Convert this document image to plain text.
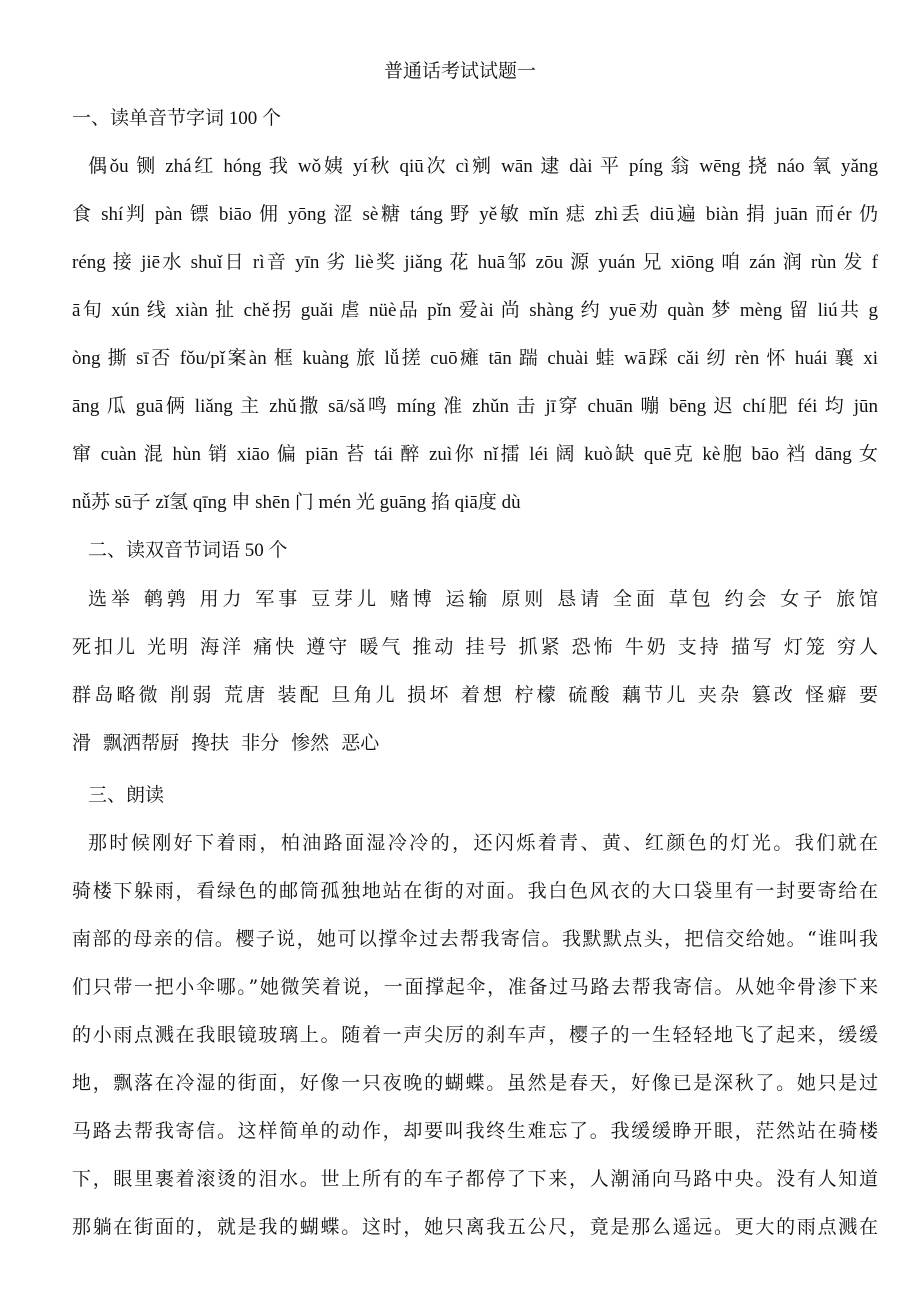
普通话考试试题一
一、读单音节字词 100 个
偶ǒu 铡 zhá红 hóng 我 wǒ姨 yí秋 qiū次 cì剜 wān 逮 dài 平 píng 翁 wēng 挠 náo 氧 yǎng
食 shí判 pàn 镖 biāo 佣 yōng 涩 sè糖 táng 野 yě敏 mǐn 痣 zhì丢 diū遍 biàn 捐 juān 而ér 仍
réng 接 jiē水 shuǐ日 rì音 yīn 劣 liè奖 jiǎng 花 huā邹 zōu 源 yuán 兄 xiōng 咱 zán 润 rùn 发 f
ā旬 xún 线 xiàn 扯 chě拐 guǎi 虐 nüè品 pǐn 爱ài 尚 shàng 约 yuē劝 quàn 梦 mèng 留 liú共 g
òng 撕 sī否 fǒu/pǐ案àn 框 kuàng 旅 lǚ搓 cuō瘫 tān 踹 chuài 蛙 wā踩 cǎi 纫 rèn 怀 huái 襄 xi
āng 瓜 guā俩 liǎng 主 zhǔ撒 sā/sǎ鸣 míng 准 zhǔn 击 jī穿 chuān 嘣 bēng 迟 chí肥 féi 均 jūn
窜 cuàn 混 hùn 销 xiāo 偏 piān 苔 tái 醉 zuì你 nǐ擂 léi 阔 kuò缺 quē克 kè胞 bāo 裆 dāng 女
nǚ苏 sū子 zǐ氢 qīng 申 shēn 门 mén 光 guāng 掐 qiā度 dù
二、读双音节词语 50 个
选举 鹌鹑 用力 军事 豆芽儿 赌博 运输 原则 恳请 全面 草包 约会 女子 旅馆
死扣儿 光明 海洋 痛快 遵守 暖气 推动 挂号 抓紧 恐怖 牛奶 支持 描写 灯笼 穷人
群岛略微 削弱 荒唐 装配 旦角儿 损坏 着想 柠檬 硫酸 藕节儿 夹杂 篡改 怪癖 要
滑 飘洒帮厨 搀扶 非分 惨然 恶心
三、朗读
那时候刚好下着雨，柏油路面湿冷冷的，还闪烁着青、黄、红颜色的灯光。我们就在
骑楼下躲雨，看绿色的邮筒孤独地站在街的对面。我白色风衣的大口袋里有一封要寄给在
南部的母亲的信。樱子说，她可以撑伞过去帮我寄信。我默默点头，把信交给她。“谁叫我
们只带一把小伞哪。”她微笑着说，一面撑起伞，准备过马路去帮我寄信。从她伞骨渗下来
的小雨点溅在我眼镜玻璃上。随着一声尖厉的刹车声，樱子的一生轻轻地飞了起来，缓缓
地，飘落在冷湿的街面，好像一只夜晚的蝴蝶。虽然是春天，好像已是深秋了。她只是过
马路去帮我寄信。这样简单的动作，却要叫我终生难忘了。我缓缓睁开眼，茫然站在骑楼
下，眼里裹着滚烫的泪水。世上所有的车子都停了下来，人潮涌向马路中央。没有人知道
那躺在街面的，就是我的蝴蝶。这时，她只离我五公尺，竟是那么遥远。更大的雨点溅在
